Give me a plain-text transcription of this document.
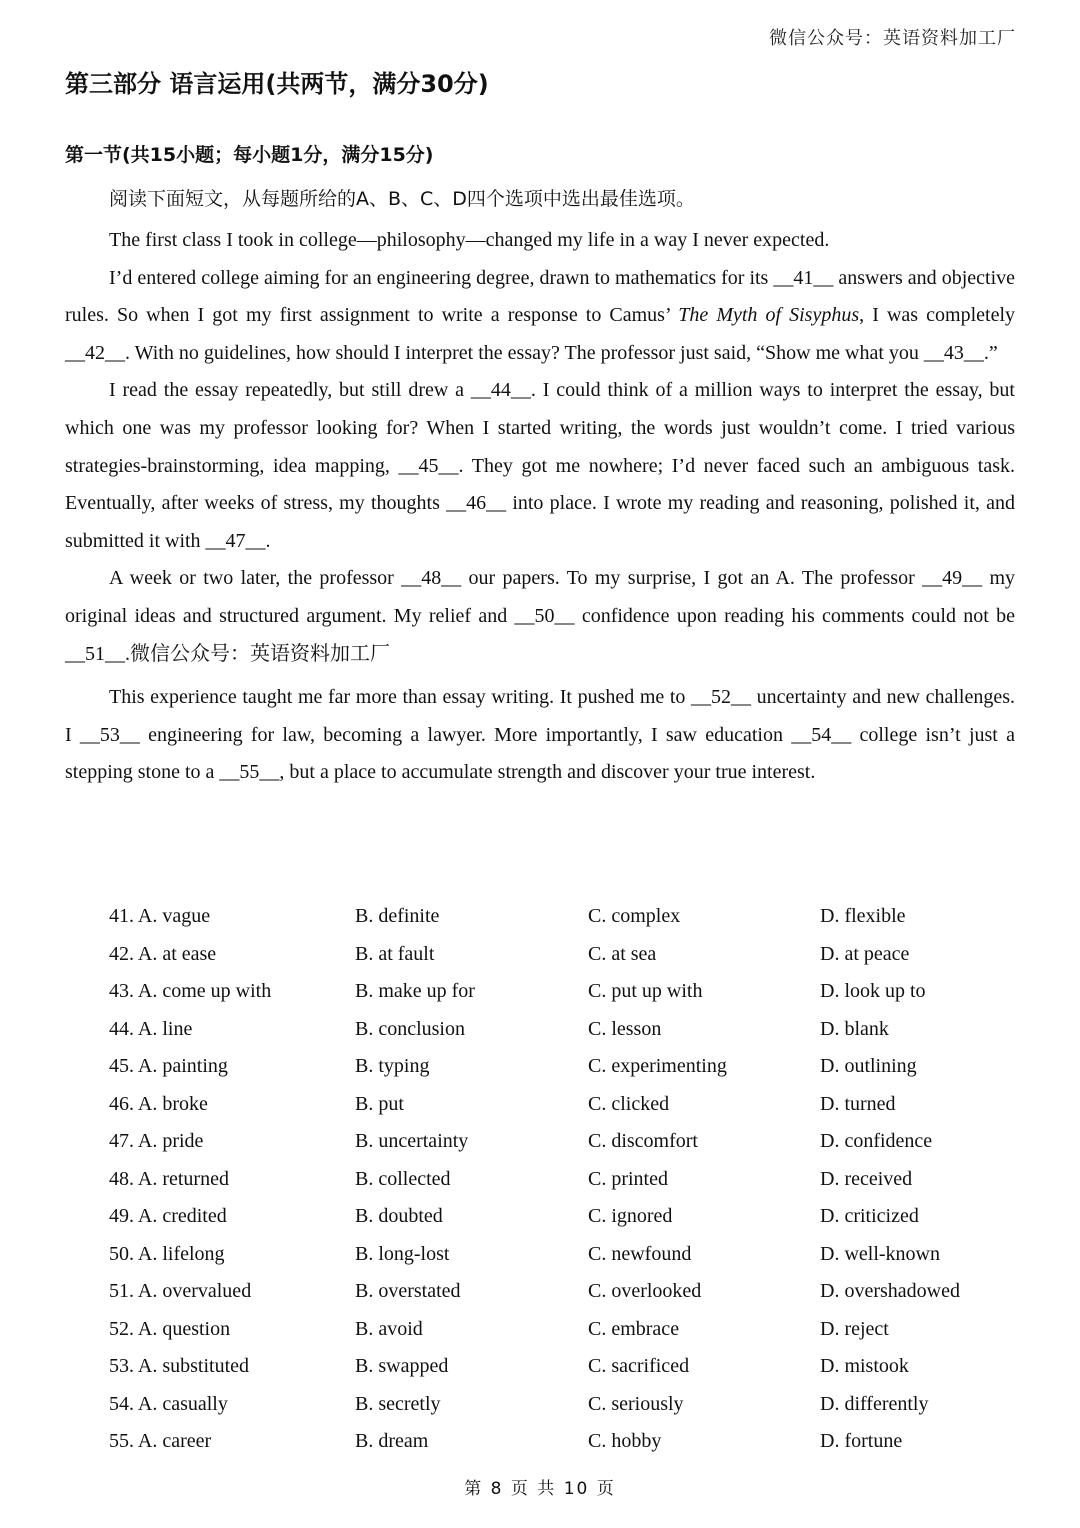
微信公众号：英语资料加工厂
第三部分 语言运用(共两节，满分30分)
第一节(共15小题；每小题1分，满分15分)
阅读下面短文，从每题所给的A、B、C、D四个选项中选出最佳选项。

The first class I took in college—philosophy—changed my life in a way I never expected.

I’d entered college aiming for an engineering degree, drawn to mathematics for its __41__ answers and objective rules. So when I got my first assignment to write a response to Camus’ The Myth of Sisyphus, I was completely __42__. With no guidelines, how should I interpret the essay? The professor just said, “Show me what you __43__.”

I read the essay repeatedly, but still drew a __44__. I could think of a million ways to interpret the essay, but which one was my professor looking for? When I started writing, the words just wouldn’t come. I tried various strategies-brainstorming, idea mapping, __45__. They got me nowhere; I’d never faced such an ambiguous task. Eventually, after weeks of stress, my thoughts __46__ into place. I wrote my reading and reasoning, polished it, and submitted it with __47__.

A week or two later, the professor __48__ our papers. To my surprise, I got an A. The professor __49__ my original ideas and structured argument. My relief and __50__ confidence upon reading his comments could not be __51__.微信公众号：英语资料加工厂

This experience taught me far more than essay writing. It pushed me to __52__ uncertainty and new challenges. I __53__ engineering for law, becoming a lawyer. More importantly, I saw education __54__ college isn’t just a stepping stone to a __55__, but a place to accumulate strength and discover your true interest.

41. A. vague	B. definite	C. complex	D. flexible
42. A. at ease	B. at fault	C. at sea	D. at peace
43. A. come up with	B. make up for	C. put up with	D. look up to
44. A. line	B. conclusion	C. lesson	D. blank
45. A. painting	B. typing	C. experimenting	D. outlining
46. A. broke	B. put	C. clicked	D. turned
47. A. pride	B. uncertainty	C. discomfort	D. confidence
48. A. returned	B. collected	C. printed	D. received
49. A. credited	B. doubted	C. ignored	D. criticized
50. A. lifelong	B. long-lost	C. newfound	D. well-known
51. A. overvalued	B. overstated	C. overlooked	D. overshadowed
52. A. question	B. avoid	C. embrace	D. reject
53. A. substituted	B. swapped	C. sacrificed	D. mistook
54. A. casually	B. secretly	C. seriously	D. differently
55. A. career	B. dream	C. hobby	D. fortune
第 8 页 共 10 页
